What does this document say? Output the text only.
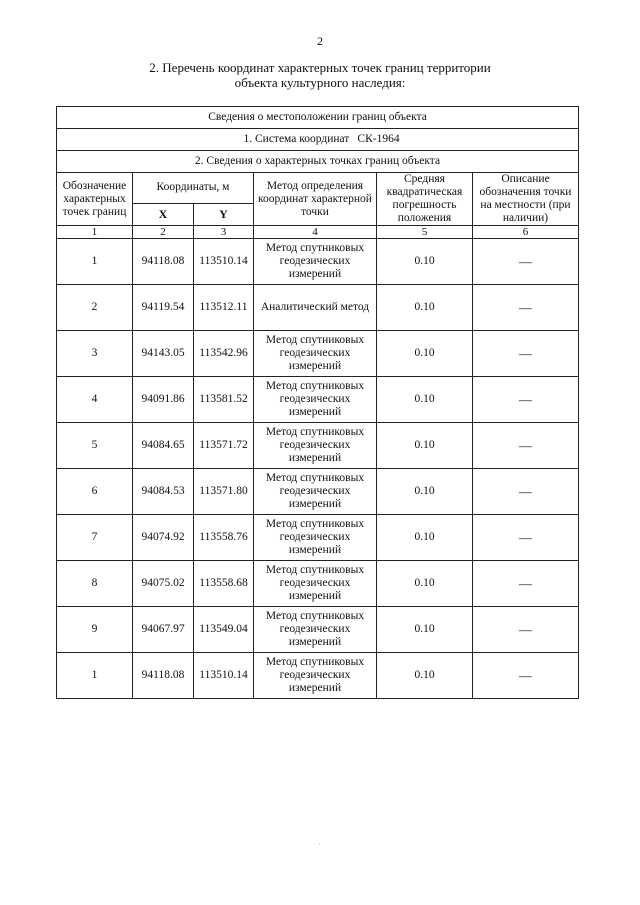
2
2. Перечень координат характерных точек границ территории
объекта культурного наследия:
Сведения о местоположении границ объекта					
1. Система координат СК-1964					
2. Сведения о характерных точках границ объекта					
Обозначение характерных точек границ	Координаты, м		Метод определения координат характерной точки	Средняя квадратическая погрешность положения	Описание обозначения точки на местности (при наличии)
	X	Y			
1	2	3	4	5	6
1	94118.08	113510.14	Метод спутниковых геодезических измерений	0.10	—
2	94119.54	113512.11	Аналитический метод	0.10	—
3	94143.05	113542.96	Метод спутниковых геодезических измерений	0.10	—
4	94091.86	113581.52	Метод спутниковых геодезических измерений	0.10	—
5	94084.65	113571.72	Метод спутниковых геодезических измерений	0.10	—
6	94084.53	113571.80	Метод спутниковых геодезических измерений	0.10	—
7	94074.92	113558.76	Метод спутниковых геодезических измерений	0.10	—
8	94075.02	113558.68	Метод спутниковых геодезических измерений	0.10	—
9	94067.97	113549.04	Метод спутниковых геодезических измерений	0.10	—
1	94118.08	113510.14	Метод спутниковых геодезических измерений	0.10	—
·
